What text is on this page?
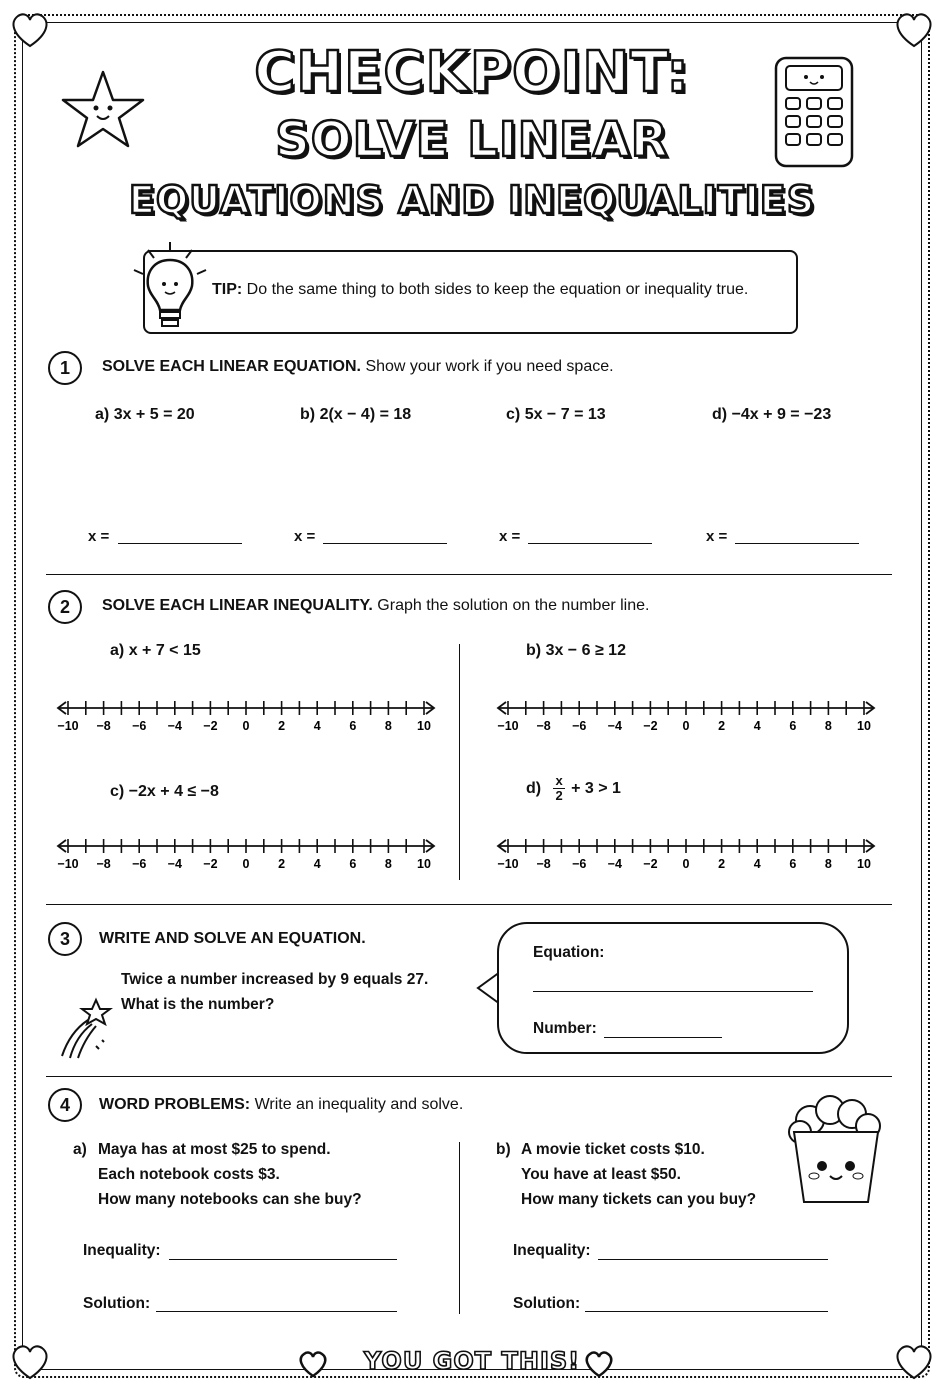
CHECKPOINT:
SOLVE LINEAR
EQUATIONS AND INEQUALITIES
TIP: Do the same thing to both sides to keep the equation or inequality true.
1	SOLVE EACH LINEAR EQUATION. Show your work if you need space.
a) 3x + 5 = 20	b) 2(x − 4) = 18	c) 5x − 7 = 13	d) −4x + 9 = −23
x =	x =	x =	x =
2	SOLVE EACH LINEAR INEQUALITY. Graph the solution on the number line.
a) x + 7 < 15	b) 3x − 6 ≥ 12
c) −2x + 4 ≤ −8	$d) \frac{x}{2} + 3 > 1$
−10 −8 −6 −4 −2 0 2 4 6 8 10	−10 −8 −6 −4 −2 0 2 4 6 8 10
−10 −8 −6 −4 −2 0 2 4 6 8 10	−10 −8 −6 −4 −2 0 2 4 6 8 10
3	WRITE AND SOLVE AN EQUATION.
Twice a number increased by 9 equals 27.
What is the number?
Equation:
Number:
4	WORD PROBLEMS: Write an inequality and solve.
a) Maya has at most $25 to spend.
Each notebook costs $3.
How many notebooks can she buy?
b) A movie ticket costs $10.
You have at least $50.
How many tickets can you buy?
Inequality:
Solution:
Inequality:
Solution:
YOU GOT THIS!
